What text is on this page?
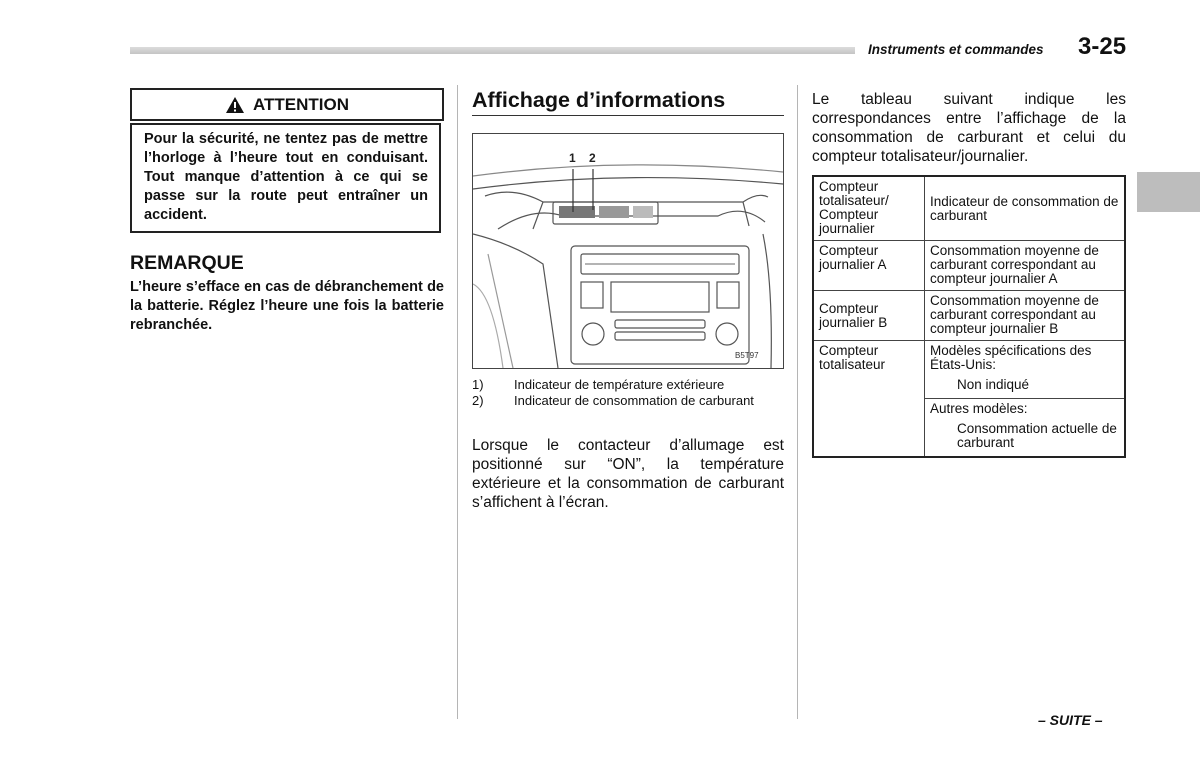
Instruments et commandes 3-25
ATTENTION
Pour la sécurité, ne tentez pas de mettre l’horloge à l’heure tout en conduisant. Tout manque d’attention à ce qui se passe sur la route peut entraîner un accident.
REMARQUE
L’heure s’efface en cas de débranchement de la batterie. Réglez l’heure une fois la batterie rebranchée.
Affichage d’informations
1 2
B5T97
1)	Indicateur de température extérieure
2)	Indicateur de consommation de carburant
Lorsque le contacteur d’allumage est positionné sur “ON”, la température extérieure et la consommation de carburant s’affichent à l’écran.
Le tableau suivant indique les correspondances entre l’affichage de la consommation de carburant et celui du compteur totalisateur/journalier.
Compteur totalisateur/ Compteur journalier	Indicateur de consommation de carburant
Compteur journalier A	Consommation moyenne de carburant correspondant au compteur journalier A
Compteur journalier B	Consommation moyenne de carburant correspondant au compteur journalier B
Compteur totalisateur	Modèles spécifications des États-Unis:
Non indiqué

	Autres modèles:
Consommation actuelle de carburant
– SUITE –
